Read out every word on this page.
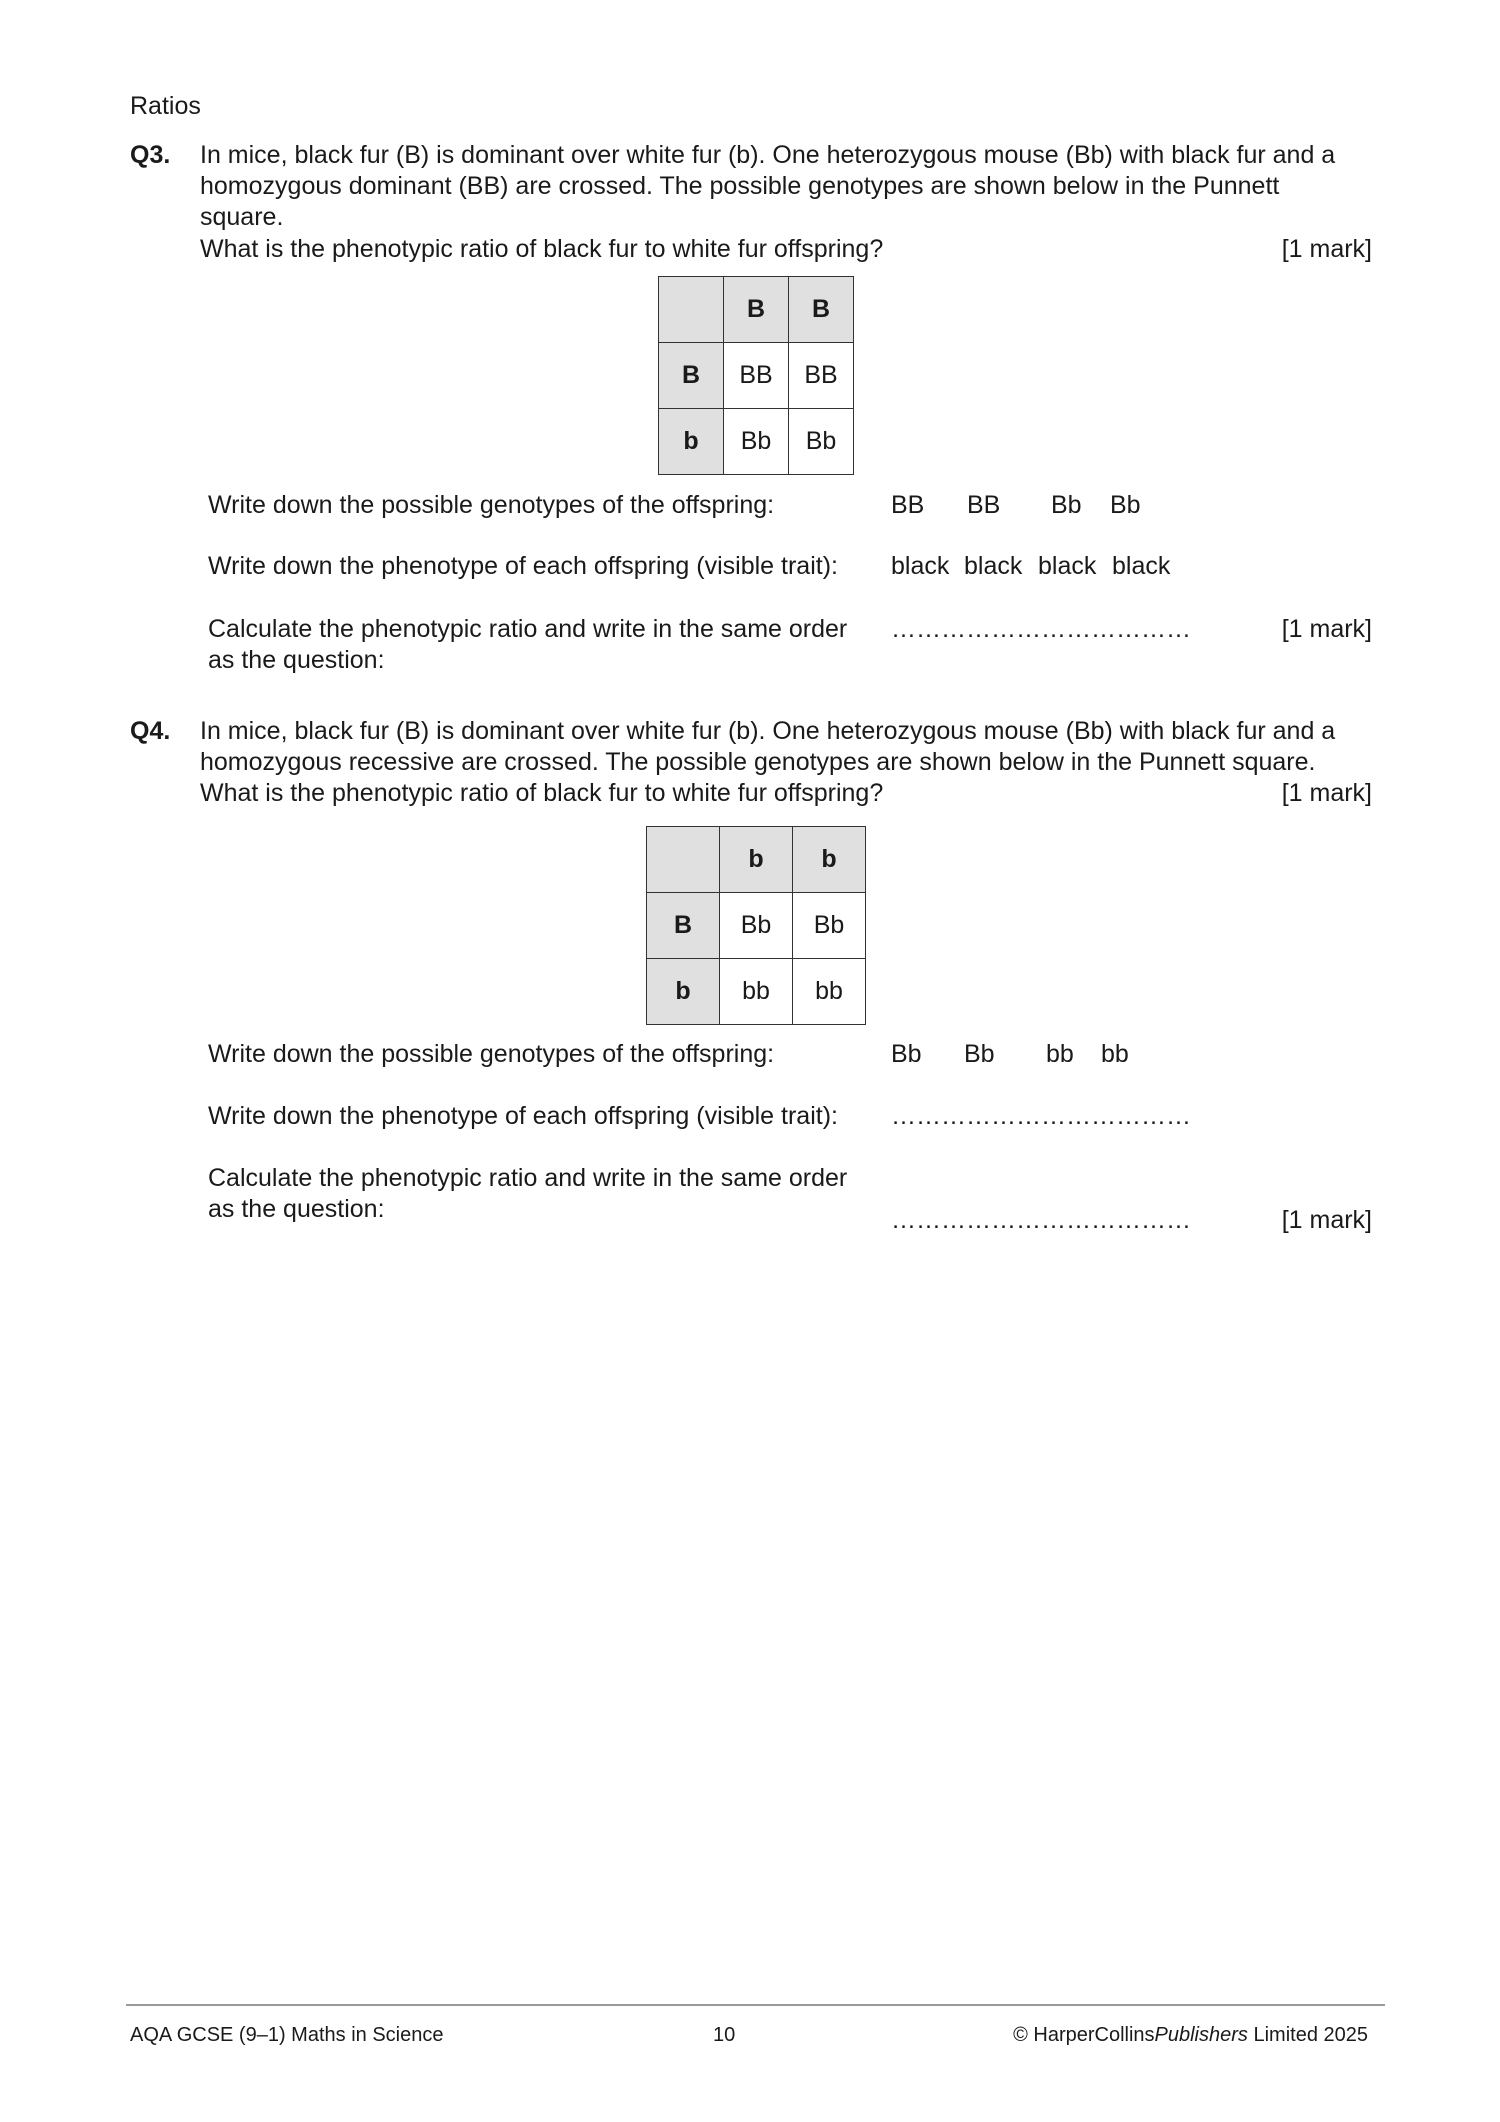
Ratios
Q3. In mice, black fur (B) is dominant over white fur (b). One heterozygous mouse (Bb) with black fur and a
homozygous dominant (BB) are crossed. The possible genotypes are shown below in the Punnett
square.
What is the phenotypic ratio of black fur to white fur offspring?	[1 mark]
	B	B
B	BB	BB
b	Bb	Bb
Write down the possible genotypes of the offspring:	BB BB Bb Bb
Write down the phenotype of each offspring (visible trait): black black black black
Calculate the phenotypic ratio and write in the same order
as the question:
………………………………	[1 mark]
Q4. In mice, black fur (B) is dominant over white fur (b). One heterozygous mouse (Bb) with black fur and a
homozygous recessive are crossed. The possible genotypes are shown below in the Punnett square.
What is the phenotypic ratio of black fur to white fur offspring?	[1 mark]
	b	b
B	Bb	Bb
b	bb	bb
Write down the possible genotypes of the offspring:	Bb Bb bb bb
Write down the phenotype of each offspring (visible trait): ………………………………
Calculate the phenotypic ratio and write in the same order
as the question:	………………………………	[1 mark]
AQA GCSE (9–1) Maths in Science	10	© HarperCollinsPublishers Limited 2025
